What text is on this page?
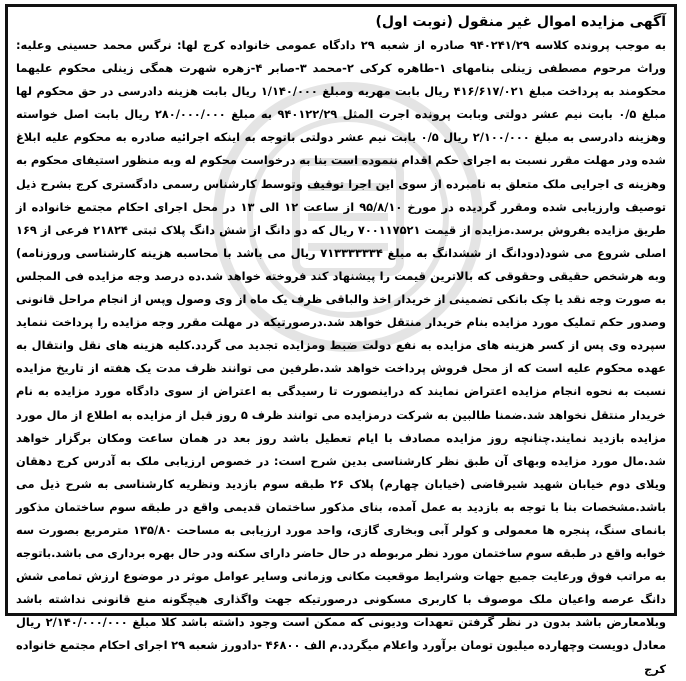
آگهی مزایده اموال غیر منقول (نوبت اول)

به موجب پرونده کلاسه ۹۴۰۲۴۱/۲۹ صادره از شعبه ۲۹ دادگاه عمومی خانواده کرج لها: نرگس محمد حسینی وعلیه: وراث مرحوم مصطفی زینلی بنامهای ۱-طاهره کرکی ۲-محمد ۳-صابر ۴-زهره شهرت همگی زینلی محکوم علیهما محکومند به پرداخت مبلغ ۴۱۶/۶۱۷/۰۲۱ ریال بابت مهریه ومبلغ ۱/۱۴۰/۰۰۰ ریال بابت هزینه دادرسی در حق محکوم لها مبلغ ۰/۵ بابت نیم عشر دولتی وبابت پرونده اجرت المثل ۹۴۰۱۲۲/۲۹ به مبلغ ۲۸۰/۰۰۰/۰۰۰ ریال بابت اصل خواسته وهزینه دادرسی به مبلغ ۲/۱۰۰/۰۰۰ ریال ۰/۵ بابت نیم عشر دولتی باتوجه به اینکه اجرائیه صادره به محکوم علیه ابلاغ شده ودر مهلت مقرر نسبت به اجرای حکم اقدام ننموده است بنا به درخواست محکوم له وبه منظور استیفای محکوم به وهزینه ی اجرایی ملک متعلق به نامبرده از سوی این اجرا توقیف وتوسط کارشناس رسمی دادگستری کرج بشرح ذیل توصیف وارزیابی شده ومقرر گردیده در مورخ ۹۵/۸/۱۰ از ساعت ۱۲ الی ۱۳ در محل اجرای احکام مجتمع خانواده از طریق مزایده بفروش برسد.مزایده از قیمت ۷۰۰۱۱۷۵۲۱ ریال که دو دانگ از شش دانگ پلاک ثبتی ۲۱۸۲۴ فرعی از ۱۶۹ اصلی شروع می شود(دودانگ از ششدانگ به مبلغ ۷۱۳۳۳۳۳۳۴ ریال می باشد با محاسبه هزینه کارشناسی وروزنامه) وبه هرشخص حقیقی وحقوقی که بالاترین قیمت را پیشنهاد کند فروخته خواهد شد.ده درصد وجه مزایده فی المجلس به صورت وجه نقد یا چک بانکی تضمینی از خریدار اخذ والباقی ظرف یک ماه از وی وصول وپس از انجام مراحل قانونی وصدور حکم تملیک مورد مزایده بنام خریدار منتقل خواهد شد.درصورتیکه در مهلت مقرر وجه مزایده را پرداخت ننماید سپرده وی پس از کسر هزینه های مزایده به نفع دولت ضبط ومزایده تجدید می گردد.کلیه هزینه های نقل وانتقال به عهده محکوم علیه است که از محل فروش پرداخت خواهد شد.طرفین می توانند ظرف مدت یک هفته از تاریخ مزایده نسبت به نحوه انجام مزایده اعتراض نمایند که دراینصورت تا رسیدگی به اعتراض از سوی دادگاه مورد مزایده به نام خریدار منتقل نخواهد شد.ضمنا طالبین به شرکت درمزایده می توانند ظرف ۵ روز قبل از مزایده به اطلاع از مال مورد مزایده بازدید نمایند.چنانچه روز مزایده مصادف با ایام تعطیل باشد روز بعد در همان ساعت ومکان برگزار خواهد شد.مال مورد مزایده وبهای آن طبق نظر کارشناسی بدین شرح است: در خصوص ارزیابی ملک به آدرس کرج دهقان ویلای دوم خیابان شهید شیرقاضی (خیابان چهارم) پلاک ۲۶ طبقه سوم بازدید ونظریه کارشناسی به شرح ذیل می باشد.مشخصات بنا با توجه به بازدید به عمل آمده، بنای مذکور ساختمان قدیمی واقع در طبقه سوم ساختمان مذکور بانمای سنگ، پنجره ها معمولی و کولر آبی وبخاری گازی، واحد مورد ارزیابی به مساحت ۱۳۵/۸۰ مترمربع بصورت سه خوابه واقع در طبقه سوم ساختمان مورد نظر مربوطه در حال حاضر دارای سکنه ودر حال بهره برداری می باشد.باتوجه به مراتب فوق ورعایت جمیع جهات وشرایط موقعیت مکانی وزمانی وسایر عوامل موثر در موضوع ارزش تمامی شش دانگ عرصه واعیان ملک موصوف با کاربری مسکونی درصورتیکه جهت واگذاری هیچگونه منع قانونی نداشته باشد وبلامعارض باشد بدون در نظر گرفتن تعهدات ودیونی که ممکن است وجود داشته باشد کلا مبلغ ۲/۱۴۰/۰۰۰/۰۰۰ ریال معادل دویست وچهارده میلیون تومان برآورد واعلام میگردد.م الف ۴۶۸۰۰ -دادورز شعبه ۲۹ اجرای احکام مجتمع خانواده کرج
